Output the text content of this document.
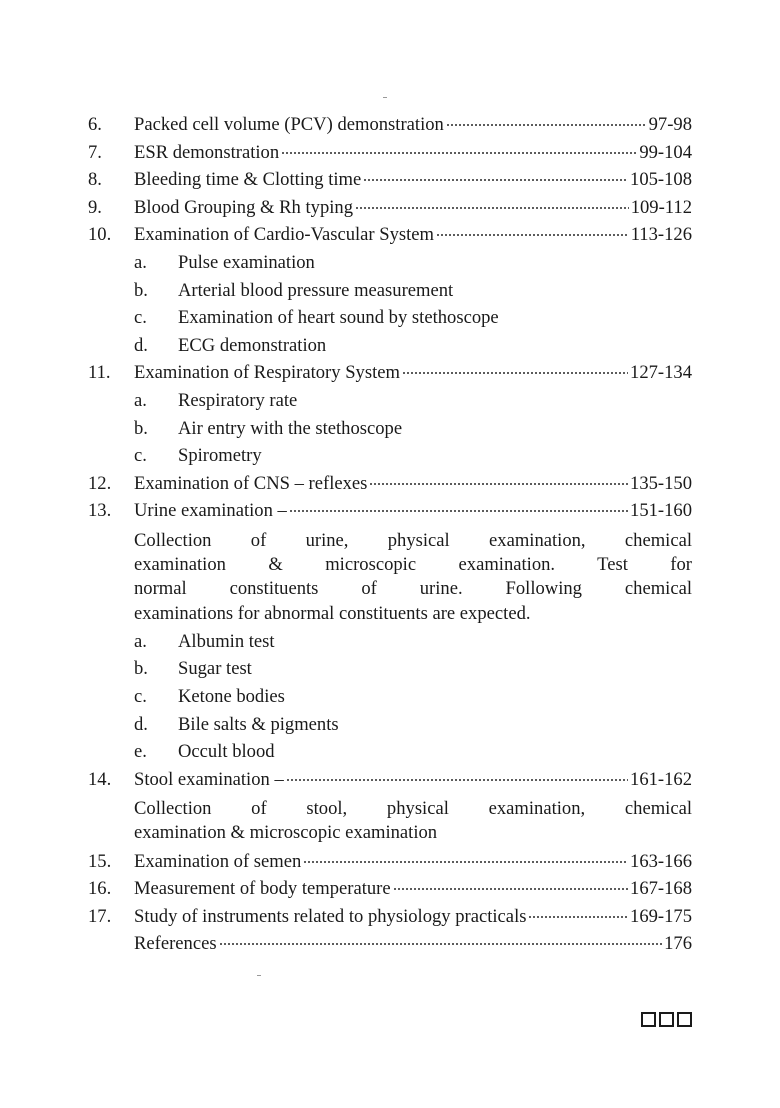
6.	Packed cell volume (PCV) demonstration	97-98
7.	ESR demonstration	99-104
8.	Bleeding time & Clotting time	105-108
9.	Blood Grouping & Rh typing	109-112
10.	Examination of Cardio-Vascular System	113-126
a.	Pulse examination
b.	Arterial blood pressure measurement
c.	Examination of heart sound by stethoscope
d.	ECG demonstration
11.	Examination of Respiratory System	127-134
a.	Respiratory rate
b.	Air entry with the stethoscope
c.	Spirometry
12.	Examination of CNS – reflexes	135-150
13.	Urine examination –	151-160
Collection of urine, physical examination, chemical
examination & microscopic examination. Test for
normal constituents of urine. Following chemical
examinations for abnormal constituents are expected.
a.	Albumin test
b.	Sugar test
c.	Ketone bodies
d.	Bile salts & pigments
e.	Occult blood
14.	Stool examination –	161-162
Collection of stool, physical examination, chemical
examination & microscopic examination
15.	Examination of semen	163-166
16.	Measurement of body temperature	167-168
17.	Study of instruments related to physiology practicals	169-175
References	176
